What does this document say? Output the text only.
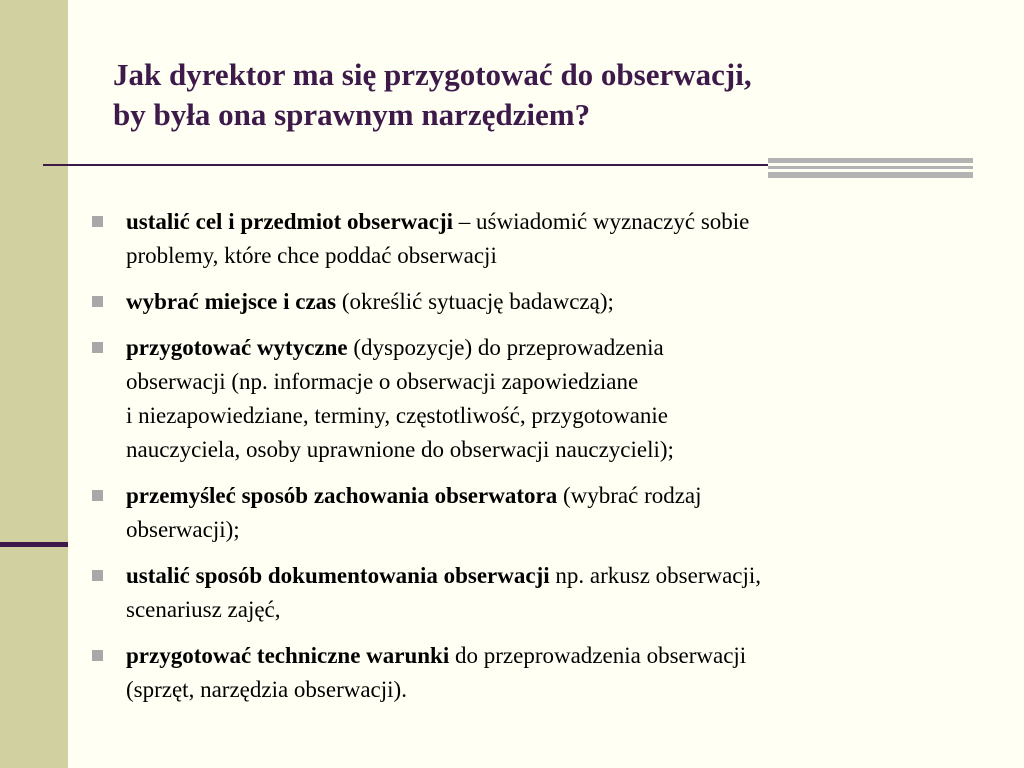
Jak dyrektor ma się przygotować do obserwacji,
by była ona sprawnym narzędziem?
ustalić cel i przedmiot obserwacji – uświadomić wyznaczyć sobie
problemy, które chce poddać obserwacji
wybrać miejsce i czas (określić sytuację badawczą);
przygotować wytyczne (dyspozycje) do przeprowadzenia
obserwacji (np. informacje o obserwacji zapowiedziane
i niezapowiedziane, terminy, częstotliwość, przygotowanie
nauczyciela, osoby uprawnione do obserwacji nauczycieli);
przemyśleć sposób zachowania obserwatora (wybrać rodzaj
obserwacji);
ustalić sposób dokumentowania obserwacji np. arkusz obserwacji,
scenariusz zajęć,
przygotować techniczne warunki do przeprowadzenia obserwacji
(sprzęt, narzędzia obserwacji).
